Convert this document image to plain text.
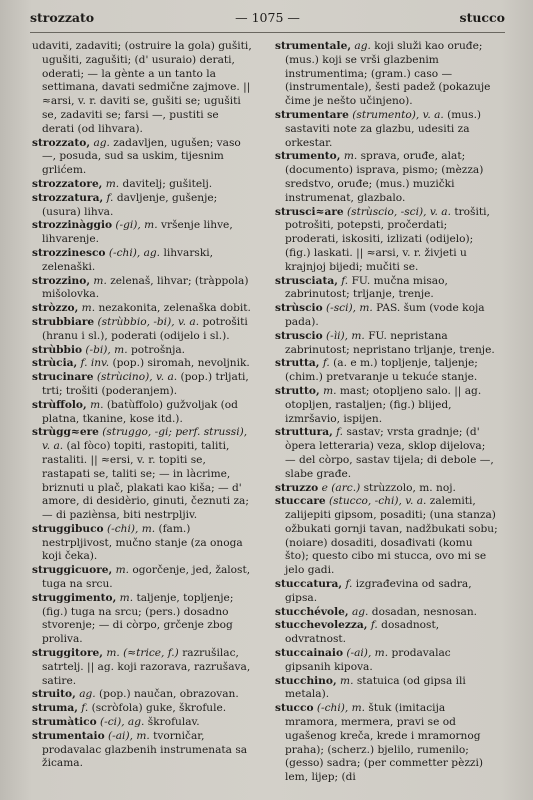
strozzato	— 1075 —	stucco

udaviti, zadaviti; (ostruire la gola) gušiti, ugušiti, zagušiti; (d' usuraio) derati, oderati; — la gènte a un tanto la settimana, davati sedmične zajmove. || ≈arsi, v. r. daviti se, gušiti se; ugušiti se, zadaviti se; farsi —, pustiti se derati (od lihvara).

strozzato, ag. zadavljen, ugušen; vaso —, posuda, sud sa uskim, tijesnim grlićem.

strozzatore, m. davitelj; gušitelj.

strozzatura, f. davljenje, gušenje; (usura) lihva.

strozzinàggio (-gi), m. vršenje lihve, lihvarenje.

strozzinesco (-chi), ag. lihvarski, zelenaški.

strozzino, m. zelenaš, lihvar; (tràppola) mišolovka.

stròzzo, m. nezakonita, zelenaška dobit.

strubbiare (strùbbio, -bi), v. a. potrošiti (hranu i sl.), poderati (odijelo i sl.).

strùbbio (-bi), m. potrošnja.

strùcia, f. inv. (pop.) siromah, nevoljnik.

strucinare (strùcino), v. a. (pop.) trljati, trti; trošiti (poderanjem).

strùffolo, m. (batùffolo) gužvoljak (od platna, tkanine, kose itd.).

strùgg≈ere (struggo, -gi; perf. strussi), v. a. (al fòco) topiti, rastopiti, taliti, rastaliti. || ≈ersi, v. r. topiti se, rastapati se, taliti se; — in làcrime, briznuti u plač, plakati kao kiša; — d' amore, di desidèrio, ginuti, čeznuti za; — di paziènsa, biti nestrpljiv.

struggibuco (-chi), m. (fam.) nestrpljivost, mučno stanje (za onoga koji čeka).

struggicuore, m. ogorčenje, jed, žalost, tuga na srcu.

struggimento, m. taljenje, topljenje; (fig.) tuga na srcu; (pers.) dosadno stvorenje; — di còrpo, grčenje zbog proliva.

struggitore, m. (≈trice, f.) razrušilac, satrtelj. || ag. koji razorava, razrušava, satire.

struito, ag. (pop.) naučan, obrazovan.

struma, f. (scròfola) guke, škrofule.

strumàtico (-ci), ag. škrofulav.

strumentaio (-ai), m. tvorničar, prodavalac glazbenih instrumenata sa žicama.

strumentale, ag. koji služi kao oruđe; (mus.) koji se vrši glazbenim instrumentima; (gram.) caso — (instrumentale), šesti padež (pokazuje čime je nešto učinjeno).

strumentare (strumento), v. a. (mus.) sastaviti note za glazbu, udesiti za orkestar.

strumento, m. sprava, oruđe, alat; (documento) isprava, pismo; (mèzza) sredstvo, oruđe; (mus.) muzički instrumenat, glazbalo.

strusci≈are (strùscio, -sci), v. a. trošiti, potrošiti, potepsti, pročerdati; proderati, iskositi, izlizati (odijelo); (fig.) laskati. || ≈arsi, v. r. živjeti u krajnjoj bijedi; mučiti se.

strusciata, f. FU. mučna misao, zabrinutost; trljanje, trenje.

strùscio (-sci), m. PAS. šum (vode koja pada).

struscio (-ìi), m. FU. nepristana zabrinutost; nepristano trljanje, trenje.

strutta, f. (a. e m.) topljenje, taljenje; (chim.) pretvaranje u tekuće stanje.

strutto, m. mast; otopljeno salo. || ag. otopljen, rastaljen; (fig.) blijed, izmršavio, ispijen.

struttura, f. sastav; vrsta gradnje; (d' òpera letteraria) veza, sklop dijelova; — del còrpo, sastav tijela; di debole —, slabe građe.

struzzo e (arc.) strùzzolo, m. noj.

stuccare (stucco, -chi), v. a. zalemiti, zalijepiti gipsom, posaditi; (una stanza) ožbukati gornji tavan, nadžbukati sobu; (noiare) dosaditi, dosađivati (komu što); questo cibo mi stucca, ovo mi se jelo gadi.

stuccatura, f. izgrađevina od sadra, gipsa.

stucchévole, ag. dosadan, nesnosan.

stucchevolezza, f. dosadnost, odvratnost.

stuccainaio (-ai), m. prodavalac gipsanih kipova.

stucchino, m. statuica (od gipsa ili metala).

stucco (-chi), m. štuk (imitacija mramora, mermera, pravi se od ugašenog kreča, krede i mramornog praha); (scherz.) bjelilo, rumenilo; (gesso) sadra; (per commetter pèzzi) lem, lijep; (di
